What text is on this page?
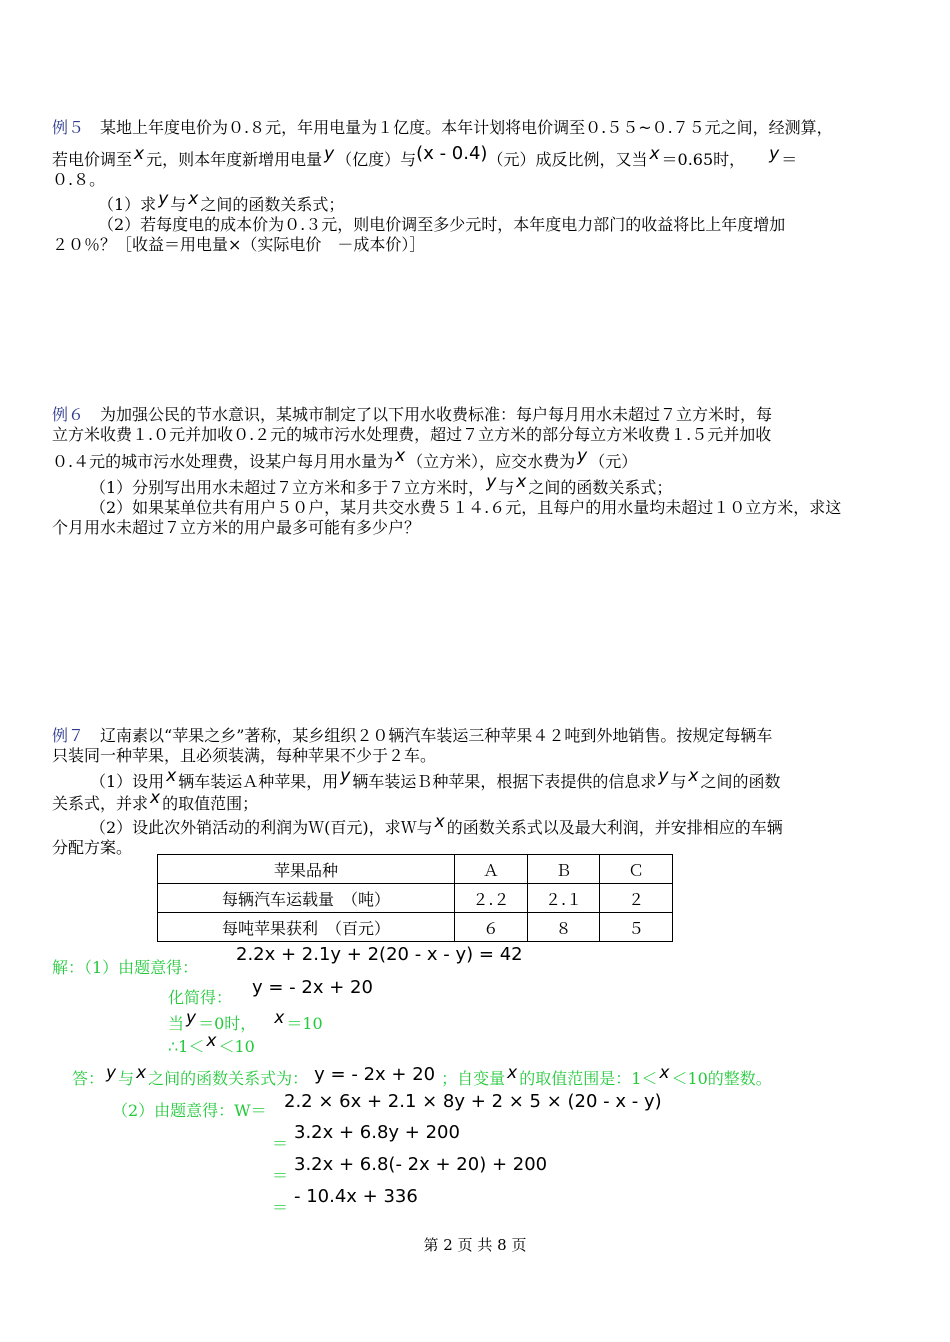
例５　某地上年度电价为０.８元，年用电量为１亿度。本年计划将电价调至０.５５~０.７５元之间，经测算，
若电价调至 x 元，则本年度新增用电量 y （亿度）与(x - 0.4)（元）成反比例，又当 x ＝0.65时， y ＝
０.８。
（1）求 y 与 x 之间的函数关系式；
（2）若每度电的成本价为０.３元，则电价调至多少元时，本年度电力部门的收益将比上年度增加
２０％？［收益＝用电量×（实际电价　－成本价）］
例６　为加强公民的节水意识，某城市制定了以下用水收费标准：每户每月用水未超过７立方米时，每
立方米收费１.０元并加收０.２元的城市污水处理费，超过７立方米的部分每立方米收费１.５元并加收
０.４元的城市污水处理费，设某户每月用水量为 x （立方米），应交水费为 y （元）
（1）分别写出用水未超过７立方米和多于７立方米时， y 与 x 之间的函数关系式；
（2）如果某单位共有用户５０户，某月共交水费５１４.６元，且每户的用水量均未超过１０立方米，求这
个月用水未超过７立方米的用户最多可能有多少户？
例７　辽南素以“苹果之乡”著称，某乡组织２０辆汽车装运三种苹果４２吨到外地销售。按规定每辆车
只装同一种苹果，且必须装满，每种苹果不少于２车。
（1）设用 x 辆车装运Ａ种苹果，用 y 辆车装运Ｂ种苹果，根据下表提供的信息求 y 与 x 之间的函数
关系式，并求 x 的取值范围；
（2）设此次外销活动的利润为Ｗ(百元)，求Ｗ与 x 的函数关系式以及最大利润，并安排相应的车辆
分配方案。
苹果品种	Ａ	Ｂ	Ｃ
每辆汽车运载量　（吨）	２.２	２.１	２
每吨苹果获利　（百元）	６	８	５
解：（1）由题意得：
2.2x + 2.1y + 2(20 - x - y) = 42
化简得： y = - 2x + 20
当 y ＝0时， x ＝10
∴1＜ x ＜10
答： y 与 x 之间的函数关系式为： y = - 2x + 20 ；自变量 x 的取值范围是：1＜ x ＜10的整数。
（2）由题意得：W＝ 2.2 × 6x + 2.1 × 8y + 2 × 5 × (20 - x - y)
＝
3.2x + 6.8y + 200
＝
3.2x + 6.8(- 2x + 20) + 200
＝
- 10.4x + 336
第 2 页 共 8 页
